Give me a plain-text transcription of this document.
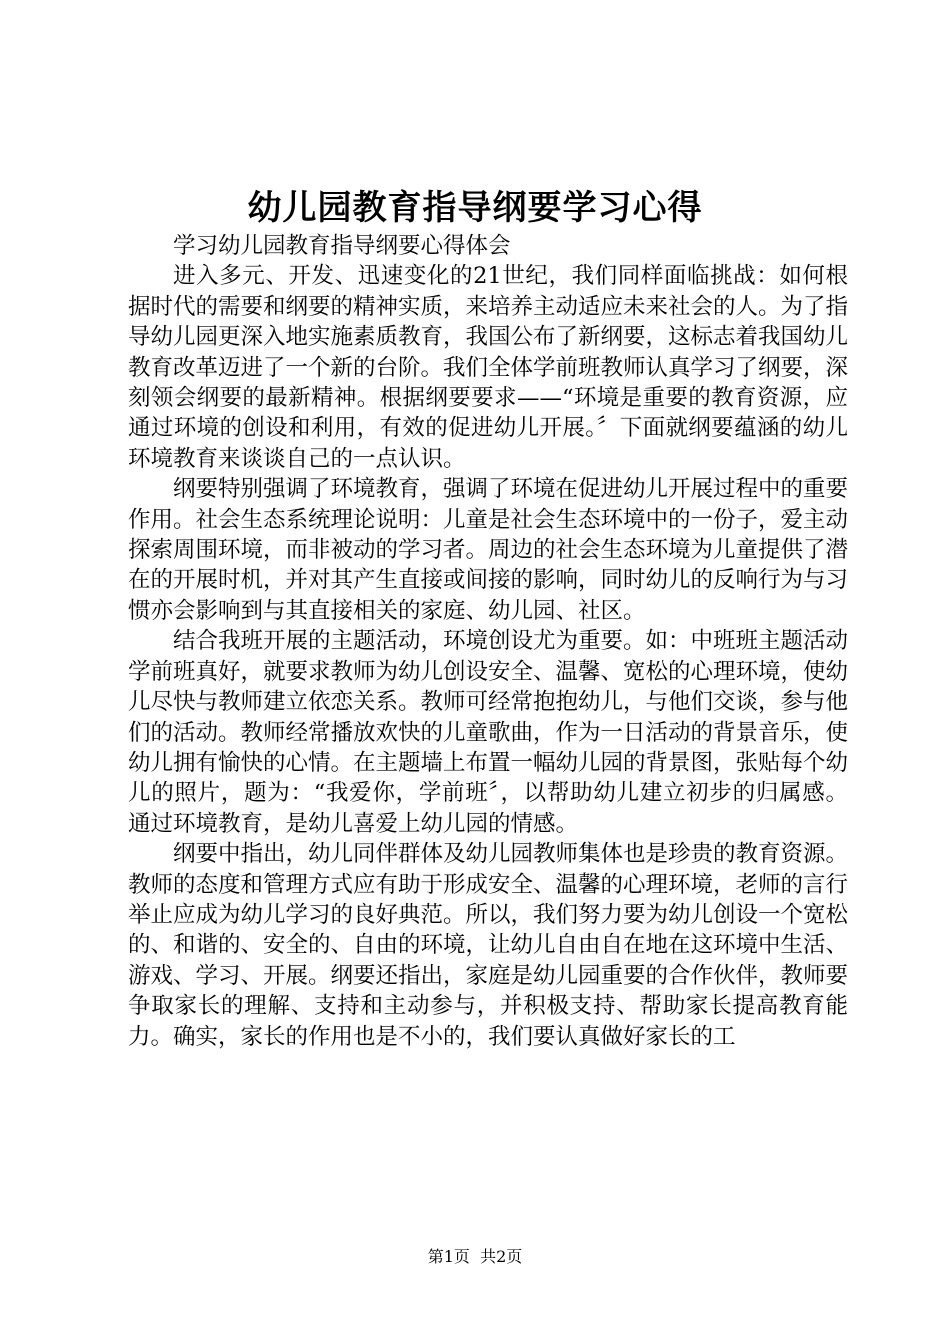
幼儿园教育指导纲要学习心得

学习幼儿园教育指导纲要心得体会

进入多元、开发、迅速变化的21世纪，我们同样面临挑战：如何根据时代的需要和纲要的精神实质，来培养主动适应未来社会的人。为了指导幼儿园更深入地实施素质教育，我国公布了新纲要，这标志着我国幼儿教育改革迈进了一个新的台阶。我们全体学前班教师认真学习了纲要，深刻领会纲要的最新精神。根据纲要要求——“环境是重要的教育资源，应通过环境的创设和利用，有效的促进幼儿开展。〞下面就纲要蕴涵的幼儿环境教育来谈谈自己的一点认识。

纲要特别强调了环境教育，强调了环境在促进幼儿开展过程中的重要作用。社会生态系统理论说明：儿童是社会生态环境中的一份子，爱主动探索周围环境，而非被动的学习者。周边的社会生态环境为儿童提供了潜在的开展时机，并对其产生直接或间接的影响，同时幼儿的反响行为与习惯亦会影响到与其直接相关的家庭、幼儿园、社区。

结合我班开展的主题活动，环境创设尤为重要。如：中班班主题活动学前班真好，就要求教师为幼儿创设安全、温馨、宽松的心理环境，使幼儿尽快与教师建立依恋关系。教师可经常抱抱幼儿，与他们交谈，参与他们的活动。教师经常播放欢快的儿童歌曲，作为一日活动的背景音乐，使幼儿拥有愉快的心情。在主题墙上布置一幅幼儿园的背景图，张贴每个幼儿的照片，题为：“我爱你，学前班〞，以帮助幼儿建立初步的归属感。通过环境教育，是幼儿喜爱上幼儿园的情感。

纲要中指出，幼儿同伴群体及幼儿园教师集体也是珍贵的教育资源。教师的态度和管理方式应有助于形成安全、温馨的心理环境，老师的言行举止应成为幼儿学习的良好典范。所以，我们努力要为幼儿创设一个宽松的、和谐的、安全的、自由的环境，让幼儿自由自在地在这环境中生活、游戏、学习、开展。纲要还指出，家庭是幼儿园重要的合作伙伴，教师要争取家长的理解、支持和主动参与，并积极支持、帮助家长提高教育能力。确实，家长的作用也是不小的，我们要认真做好家长的工

第1页 共2页
